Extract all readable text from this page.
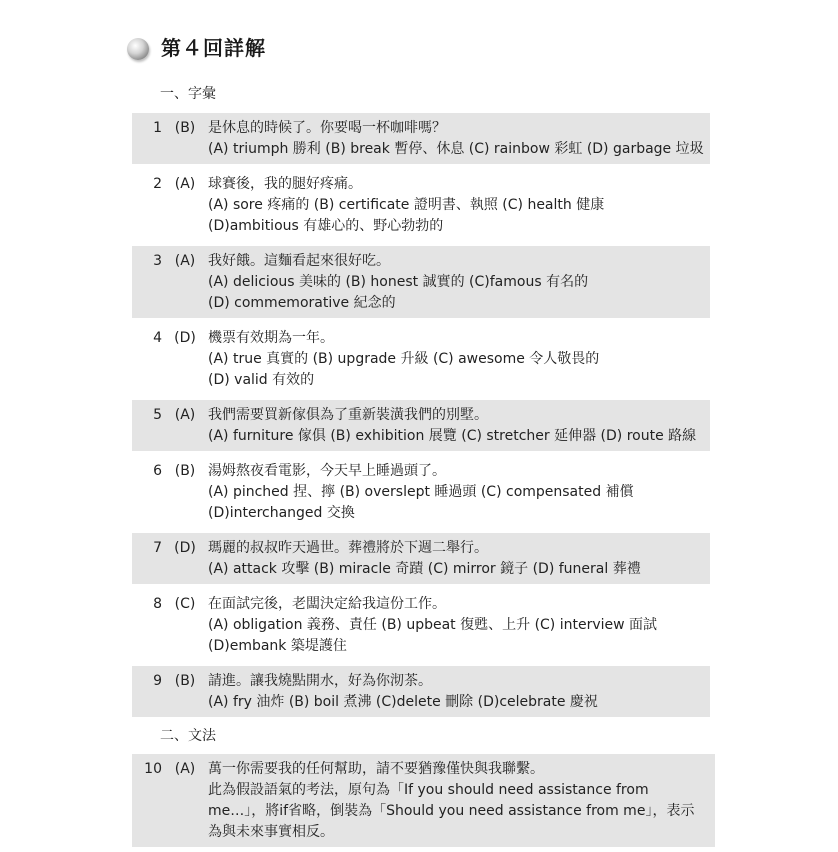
第４回詳解
一、字彙
1 (B) 是休息的時候了。你要喝一杯咖啡嗎？
(A) triumph 勝利 (B) break 暫停、休息 (C) rainbow 彩虹 (D) garbage 垃圾
2 (A) 球賽後，我的腿好疼痛。
(A) sore 疼痛的 (B) certificate 證明書、執照 (C) health 健康
(D)ambitious 有雄心的、野心勃勃的
3 (A) 我好餓。這麵看起來很好吃。
(A) delicious 美味的 (B) honest 誠實的 (C)famous 有名的
(D) commemorative 紀念的
4 (D) 機票有效期為一年。
(A) true 真實的 (B) upgrade 升級 (C) awesome 令人敬畏的
(D) valid 有效的
5 (A) 我們需要買新傢俱為了重新裝潢我們的別墅。
(A) furniture 傢俱 (B) exhibition 展覽 (C) stretcher 延伸器 (D) route 路線
6 (B) 湯姆熬夜看電影，今天早上睡過頭了。
(A) pinched 捏、擰 (B) overslept 睡過頭 (C) compensated 補償
(D)interchanged 交換
7 (D) 瑪麗的叔叔昨天過世。葬禮將於下週二舉行。
(A) attack 攻擊 (B) miracle 奇蹟 (C) mirror 鏡子 (D) funeral 葬禮
8 (C) 在面試完後，老闆決定給我這份工作。
(A) obligation 義務、責任 (B) upbeat 復甦、上升 (C) interview 面試
(D)embank 築堤護住
9 (B) 請進。讓我燒點開水，好為你沏茶。
(A) fry 油炸 (B) boil 煮沸 (C)delete 刪除 (D)celebrate 慶祝
二、文法
10 (A) 萬一你需要我的任何幫助，請不要猶豫僅快與我聯繫。
此為假設語氣的考法，原句為「If you should need assistance from
me…」，將if省略，倒裝為「Should you need assistance from me」，表示
為與未來事實相反。
